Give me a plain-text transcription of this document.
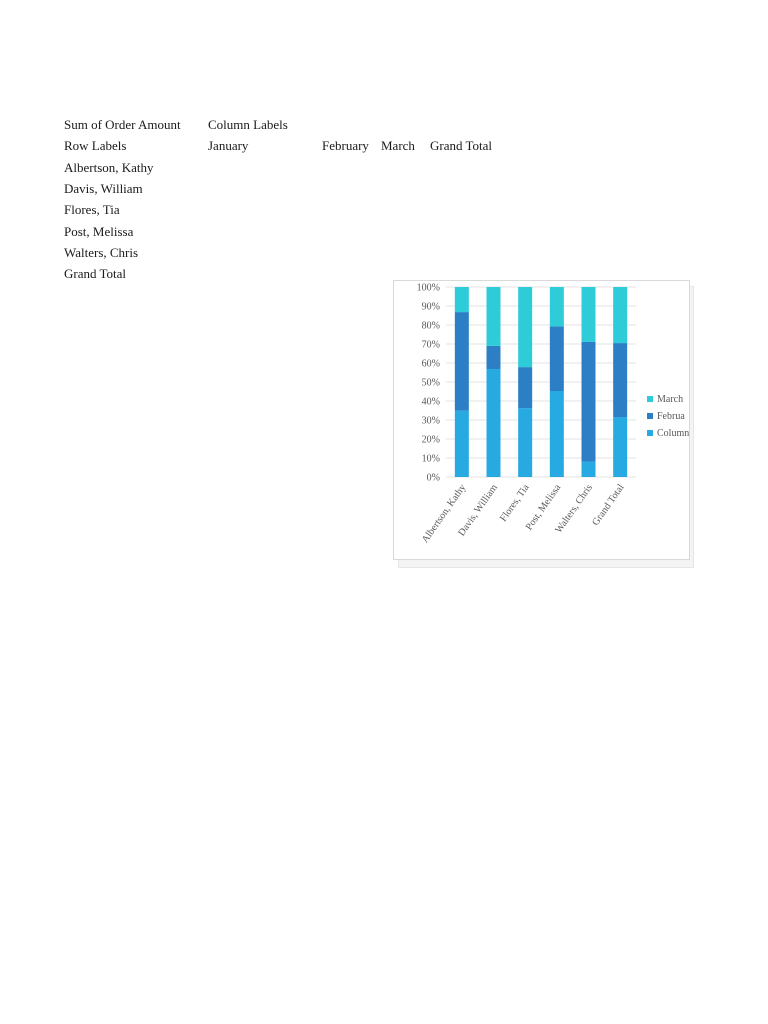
Sum of Order Amount Column Labels
Row Labels	January	February March Grand Total
Albertson, Kathy
Davis, William
Flores, Tia
Post, Melissa
Walters, Chris
Grand Total
0%
10%
20%
30%
40%
50%
60%
70%
80%
90%
100%
Albertson, Kathy
Davis, William
Flores, Tia
Post, Melissa
Walters, Chris
Grand Total
March
Februa
Column
